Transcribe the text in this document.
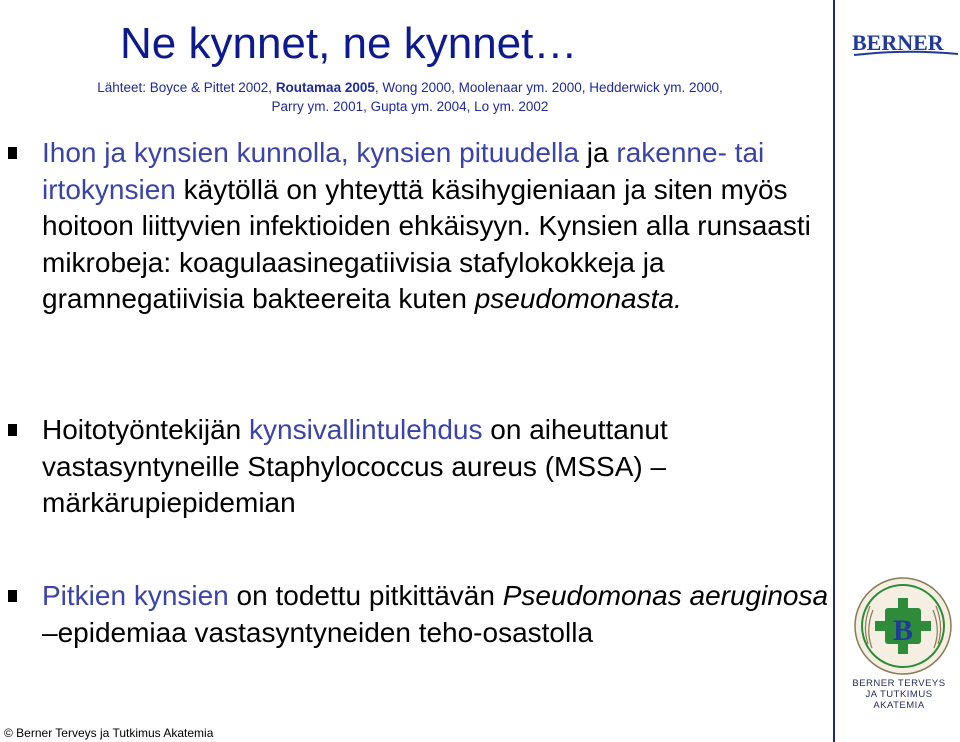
Ne kynnet, ne kynnet…
Lähteet: Boyce & Pittet 2002, Routamaa 2005, Wong 2000, Moolenaar ym. 2000, Hedderwick ym. 2000,
Parry ym. 2001, Gupta ym. 2004, Lo ym. 2002
BERNER
Ihon ja kynsien kunnolla, kynsien pituudella ja rakenne- tai irtokynsien käytöllä on yhteyttä käsihygieniaan ja siten myös hoitoon liittyvien infektioiden ehkäisyyn. Kynsien alla runsaasti mikrobeja: koagulaasinegatiivisia stafylokokkeja ja gramnegatiivisia bakteereita kuten pseudomonasta.
Hoitotyöntekijän kynsivallintulehdus on aiheuttanut vastasyntyneille Staphylococcus aureus (MSSA) – märkärupiepidemian
Pitkien kynsien on todettu pitkittävän Pseudomonas aeruginosa –epidemiaa vastasyntyneiden teho-osastolla	B
BERNER TERVEYS
JA TUTKIMUS
AKATEMIA
© Berner Terveys ja Tutkimus Akatemia
